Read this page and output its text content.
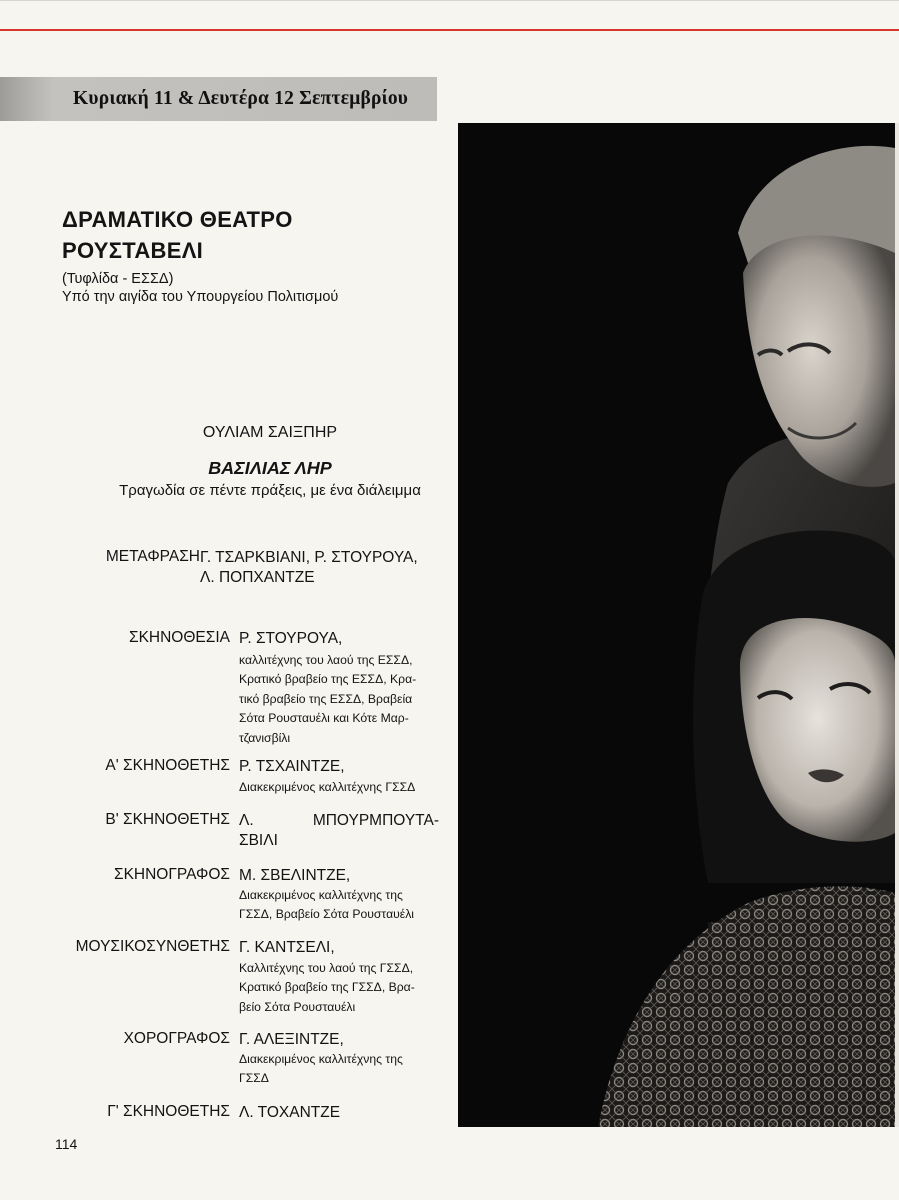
Κυριακή 11 & Δευτέρα 12 Σεπτεμβρίου
ΔΡΑΜΑΤΙΚΟ ΘΕΑΤΡΟ
ΡΟΥΣΤΑΒΕΛΙ
(Τυφλίδα - ΕΣΣΔ)
Υπό την αιγίδα του Υπουργείου Πολιτισμού
ΟΥΛΙΑΜ ΣΑΙΞΠΗΡ
ΒΑΣΙΛΙΑΣ ΛΗΡ
Τραγωδία σε πέντε πράξεις, με ένα διάλειμμα
ΜΕΤΑΦΡΑΣΗ Γ. ΤΣΑΡΚΒΙΑΝΙ, Ρ. ΣΤΟΥΡΟΥΑ,
Λ. ΠΟΠΧΑΝΤΖΕ
ΣΚΗΝΟΘΕΣΙΑ Ρ. ΣΤΟΥΡΟΥΑ,
καλλιτέχνης του λαού της ΕΣΣΔ,
Κρατικό βραβείο της ΕΣΣΔ, Κρα-
τικό βραβείο της ΕΣΣΔ, Βραβεία
Σότα Ρουσταυέλι και Κότε Μαρ-
τζανισβίλι
Α' ΣΚΗΝΟΘΕΤΗΣ Ρ. ΤΣΧΑΙΝΤΖΕ,
Διακεκριμένος καλλιτέχνης ΓΣΣΔ
Β' ΣΚΗΝΟΘΕΤΗΣ Λ.	ΜΠΟΥΡΜΠΟΥΤΑ-
ΣΒΙΛΙ
ΣΚΗΝΟΓΡΑΦΟΣ Μ. ΣΒΕΛΙΝΤΖΕ,
Διακεκριμένος καλλιτέχνης της
ΓΣΣΔ, Βραβείο Σότα Ρουσταυέλι
ΜΟΥΣΙΚΟΣΥΝΘΕΤΗΣ Γ. ΚΑΝΤΣΕΛΙ,
Καλλιτέχνης του λαού της ΓΣΣΔ,
Κρατικό βραβείο της ΓΣΣΔ, Βρα-
βείο Σότα Ρουσταυέλι
ΧΟΡΟΓΡΑΦΟΣ Γ. ΑΛΕΞΙΝΤΖΕ,
Διακεκριμένος καλλιτέχνης της
ΓΣΣΔ
Γ' ΣΚΗΝΟΘΕΤΗΣ Λ. ΤΟΧΑΝΤΖΕ
114
